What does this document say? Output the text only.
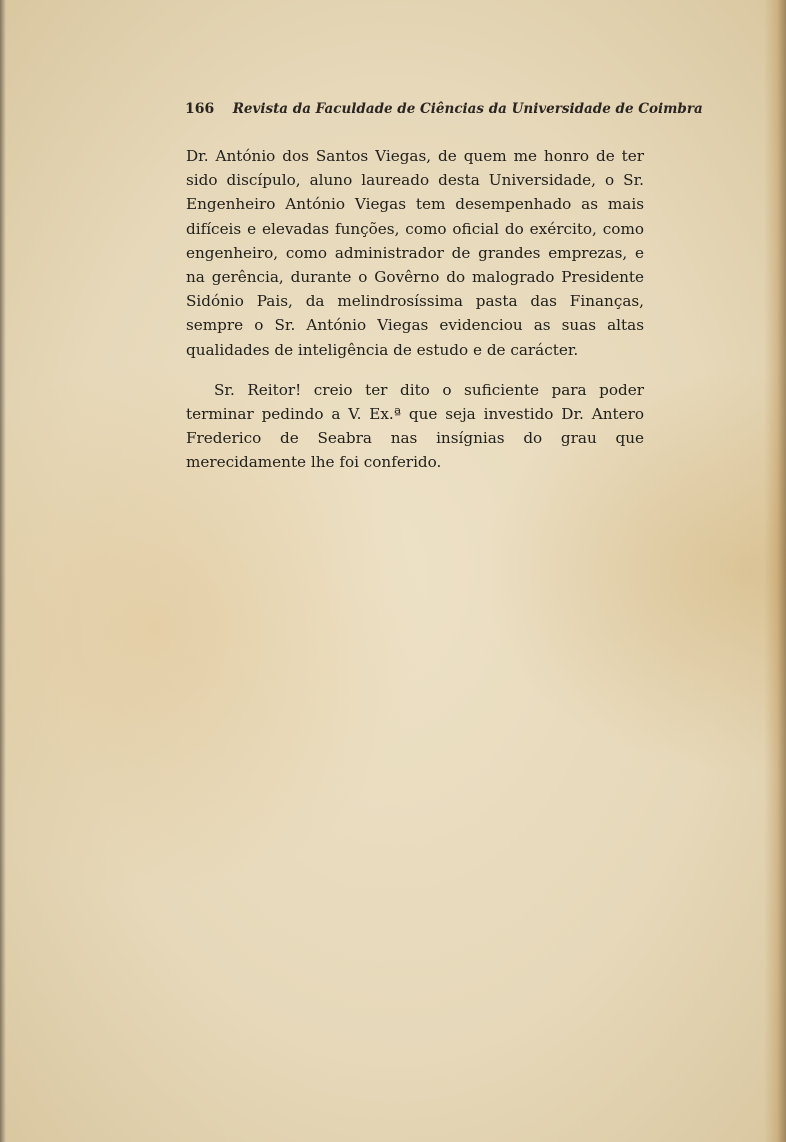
166 Revista da Faculdade de Ciências da Universidade de Coimbra

Dr. António dos Santos Viegas, de quem me honro de ter sido discípulo, aluno laureado desta Universidade, o Sr. Engenheiro António Viegas tem desempenhado as mais difíceis e elevadas funções, como oficial do exército, como engenheiro, como administrador de grandes emprezas, e na gerência, durante o Govêrno do malogrado Presidente Sidónio Pais, da melindrosíssima pasta das Finanças, sempre o Sr. António Viegas evidenciou as suas altas qualidades de inteligência de estudo e de carácter.

Sr. Reitor! creio ter dito o suficiente para poder terminar pedindo a V. Ex.ª que seja investido Dr. Antero Frederico de Seabra nas insígnias do grau que merecidamente lhe foi conferido.
